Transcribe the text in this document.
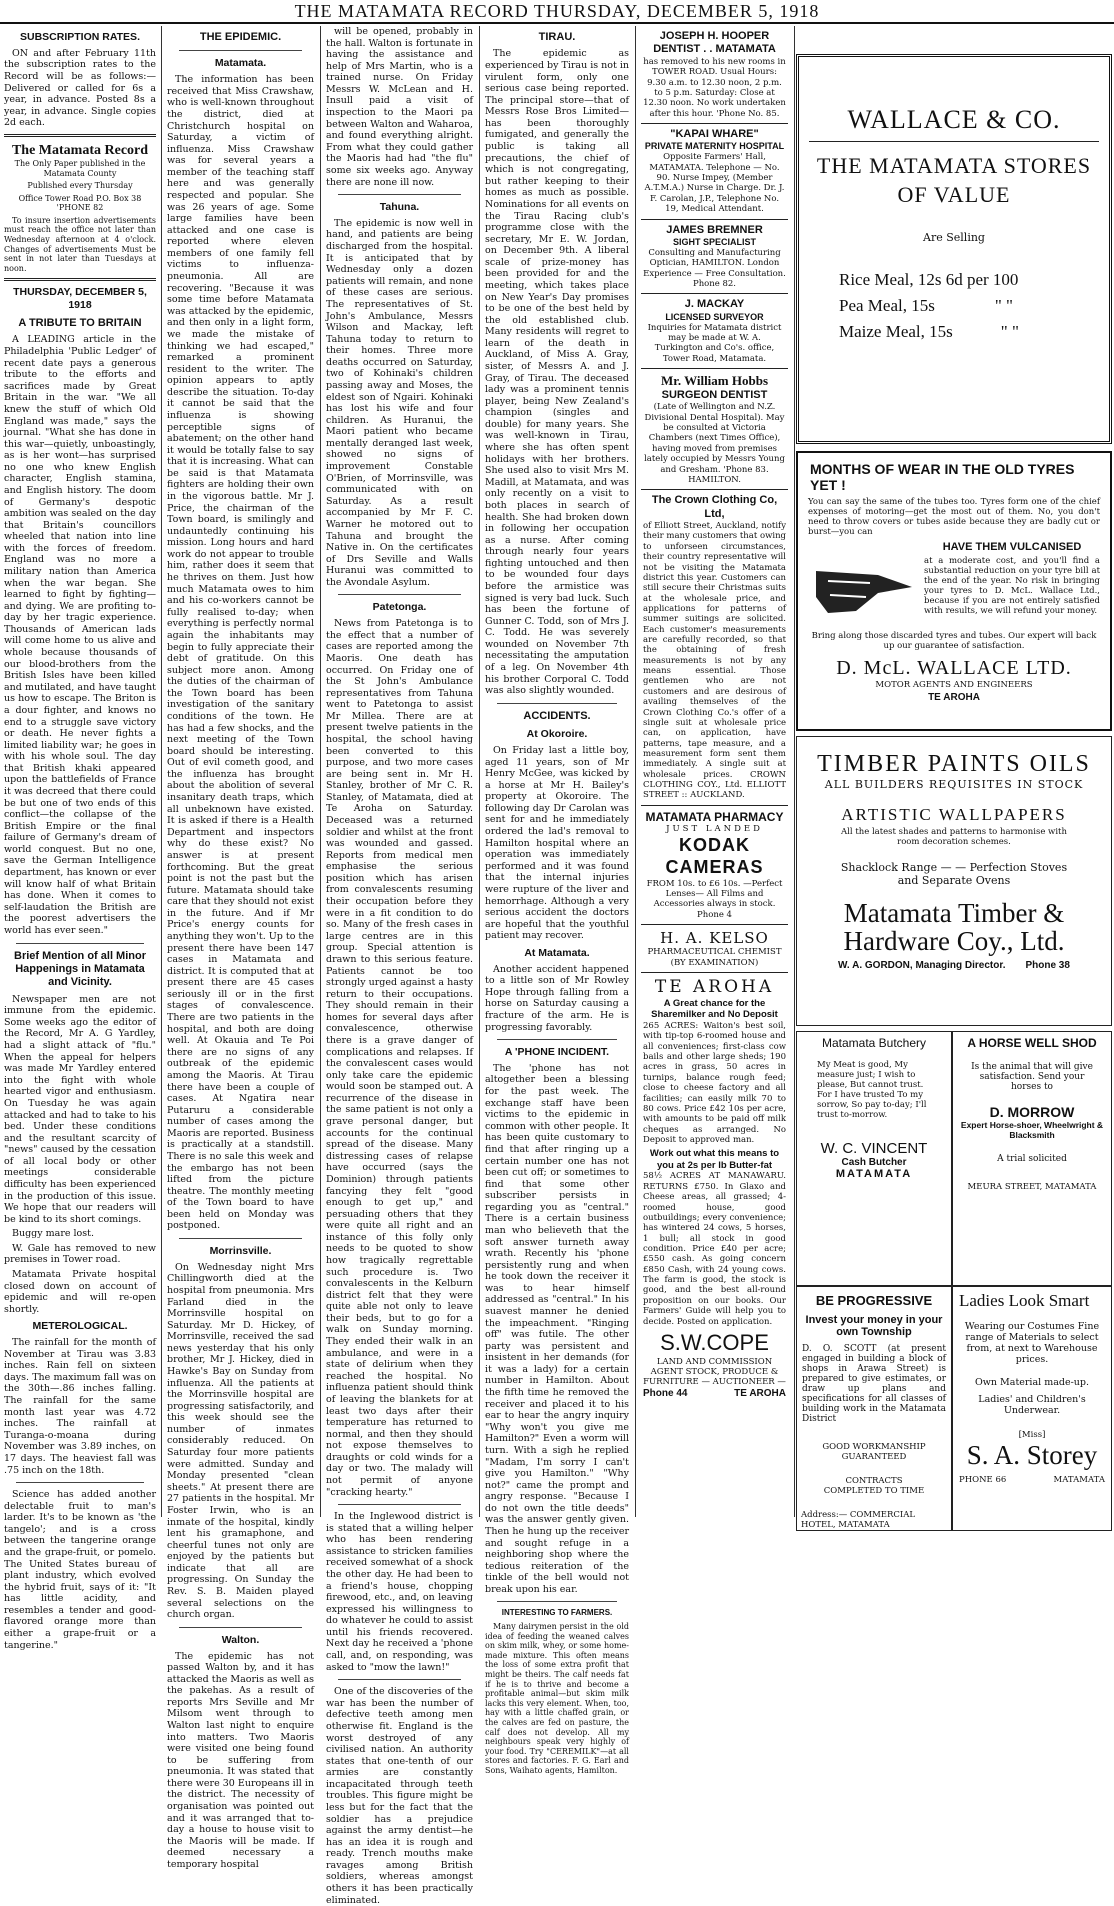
THE MATAMATA RECORD THURSDAY, DECEMBER 5, 1918
SUBSCRIPTION RATES.

ON and after February 11th the subscription rates to the Record will be as follows:— Delivered or called for 6s a year, in advance. Posted 8s a year, in advance. Single copies 2d each.

The Matamata Record

The Only Paper published in the Matamata County

Published every Thursday

Office Tower Road P.O. Box 38 'PHONE 82

To insure insertion advertisements must reach the office not later than Wednesday afternoon at 4 o'clock. Changes of advertisements Must be sent in not later than Tuesdays at noon.

THURSDAY, DECEMBER 5, 1918
A TRIBUTE TO BRITAIN

A LEADING article in the Philadelphia 'Public Ledger' of recent date pays a generous tribute to the efforts and sacrifices made by Great Britain in the war. "We all knew the stuff of which Old England was made," says the journal. "What she has done in this war—quietly, unboastingly, as is her wont—has surprised no one who knew English character, English stamina, and English history. The doom of Germany's despotic ambition was sealed on the day that Britain's councillors wheeled that nation into line with the forces of freedom. England was no more a military nation than America when the war began. She learned to fight by fighting—and dying. We are profiting to-day by her tragic experience. Thousands of American lads will come home to us alive and whole because thousands of our blood-brothers from the British Isles have been killed and mutilated, and have taught us how to escape. The Briton is a dour fighter, and knows no end to a struggle save victory or death. He never fights a limited liability war; he goes in with his whole soul. The day that British khaki appeared upon the battlefields of France it was decreed that there could be but one of two ends of this conflict—the collapse of the British Empire or the final failure of Germany's dream of world conquest. But no one, save the German Intelligence department, has known or ever will know half of what Britain has done. When it comes to self-laudation the British are the poorest advertisers the world has ever seen."

Brief Mention of all Minor Happenings in Matamata and Vicinity.

Newspaper men are not immune from the epidemic. Some weeks ago the editor of the Record, Mr A. G Yardley, had a slight attack of "flu." When the appeal for helpers was made Mr Yardley entered into the fight with whole hearted vigor and enthusiasm. On Tuesday he was again attacked and had to take to his bed. Under these conditions and the resultant scarcity of "news" caused by the cessation of all local body or other meetings considerable difficulty has been experienced in the production of this issue. We hope that our readers will be kind to its short comings.

Buggy mare lost.

W. Gale has removed to new premises in Tower road.

Matamata Private hospital closed down on account of epidemic and will re-open shortly.

METEROLOGICAL.

The rainfall for the month of November at Tirau was 3.83 inches. Rain fell on sixteen days. The maximum fall was on the 30th—.86 inches falling. The rainfall for the same month last year was 4.72 inches. The rainfall at Turanga-o-moana during November was 3.89 inches, on 17 days. The heaviest fall was .75 inch on the 18th.

Science has added another delectable fruit to man's larder. It's to be known as 'the tangelo'; and is a cross between the tangerine orange and the grape-fruit, or pomelo. The United States bureau of plant industry, which evolved the hybrid fruit, says of it: "It has little acidity, and resembles a tender and good-flavored orange more than either a grape-fruit or a tangerine."

THE EPIDEMIC.
Matamata.

The information has been received that Miss Crawshaw, who is well-known throughout the district, died at Christchurch hospital on Saturday, a victim of influenza. Miss Crawshaw was for several years a member of the teaching staff here and was generally respected and popular. She was 26 years of age. Some large families have been attacked and one case is reported where eleven members of one family fell victims to influenza-pneumonia. All are recovering. "Because it was some time before Matamata was attacked by the epidemic, and then only in a light form, we made the mistake of thinking we had escaped," remarked a prominent resident to the writer. The opinion appears to aptly describe the situation. To-day it cannot be said that the influenza is showing perceptible signs of abatement; on the other hand it would be totally false to say that it is increasing. What can be said is that Matamata fighters are holding their own in the vigorous battle. Mr J. Price, the chairman of the Town board, is smilingly and undauntedly continuing his mission. Long hours and hard work do not appear to trouble him, rather does it seem that he thrives on them. Just how much Matamata owes to him and his co-workers cannot be fully realised to-day; when everything is perfectly normal again the inhabitants may begin to fully appreciate their debt of gratitude. On this subject more anon. Among the duties of the chairman of the Town board has been investigation of the sanitary conditions of the town. He has had a few shocks, and the next meeting of the Town board should be interesting. Out of evil cometh good, and the influenza has brought about the abolition of several insanitary death traps, which all unbeknown have existed. It is asked if there is a Health Department and inspectors why do these exist? No answer is at present forthcoming. But the great point is not the past but the future. Matamata should take care that they should not exist in the future. And if Mr Price's energy counts for anything they won't. Up to the present there have been 147 cases in Matamata and district. It is computed that at present there are 45 cases seriously ill or in the first stages of convalescence. There are two patients in the hospital, and both are doing well. At Okauia and Te Poi there are no signs of any outbreak of the epidemic among the Maoris. At Tirau there have been a couple of cases. At Ngatira near Putaruru a considerable number of cases among the Maoris are reported. Business is practically at a standstill. There is no sale this week and the embargo has not been lifted from the picture theatre. The monthly meeting of the Town board to have been held on Monday was postponed.

Morrinsville.

On Wednesday night Mrs Chillingworth died at the hospital from pneumonia. Mrs Farland died in the Morrinsville hospital on Saturday. Mr D. Hickey, of Morrinsville, received the sad news yesterday that his only brother, Mr J. Hickey, died in Hawke's Bay on Sunday from influenza. All the patients at the Morrinsville hospital are progressing satisfactorily, and this week should see the number of inmates considerably reduced. On Saturday four more patients were admitted. Sunday and Monday presented "clean sheets." At present there are 27 patients in the hospital. Mr Foster Irwin, who is an inmate of the hospital, kindly lent his gramaphone, and cheerful tunes not only are enjoyed by the patients but indicate that all are progressing. On Sunday the Rev. S. B. Maiden played several selections on the church organ.

Walton.

The epidemic has not passed Walton by, and it has attacked the Maoris as well as the pakehas. As a result of reports Mrs Seville and Mr Milsom went through to Walton last night to enquire into matters. Two Maoris were visited one being found to be suffering from pneumonia. It was stated that there were 30 Europeans ill in the district. The necessity of organisation was pointed out and it was arranged that to-day a house to house visit to the Maoris will be made. If deemed necessary a temporary hospital

will be opened, probably in the hall. Walton is fortunate in having the assistance and help of Mrs Martin, who is a trained nurse. On Friday Messrs W. McLean and H. Insull paid a visit of inspection to the Maori pa between Walton and Waharoa, and found everything alright. From what they could gather the Maoris had had "the flu" some six weeks ago. Anyway there are none ill now.

Tahuna.

The epidemic is now well in hand, and patients are being discharged from the hospital. It is anticipated that by Wednesday only a dozen patients will remain, and none of these cases are serious. The representatives of St. John's Ambulance, Messrs Wilson and Mackay, left Tahuna today to return to their homes. Three more deaths occurred on Saturday, two of Kohinaki's children passing away and Moses, the eldest son of Ngairi. Kohinaki has lost his wife and four children. As Huranui, the Maori patient who became mentally deranged last week, showed no signs of improvement Constable O'Brien, of Morrinsville, was communicated with on Saturday. As a result accompanied by Mr F. C. Warner he motored out to Tahuna and brought the Native in. On the certificates of Drs Seville and Walls Huranui was committed to the Avondale Asylum.

Patetonga.

News from Patetonga is to the effect that a number of cases are reported among the Maoris. One death has occurred. On Friday one of the St John's Ambulance representatives from Tahuna went to Patetonga to assist Mr Millea. There are at present twelve patients in the hospital, the school having been converted to this purpose, and two more cases are being sent in. Mr H. Stanley, brother of Mr C. R. Stanley, of Matamata, died at Te Aroha on Saturday. Deceased was a returned soldier and whilst at the front was wounded and gassed. Reports from medical men emphasise the serious position which has arisen from convalescents resuming their occupation before they were in a fit condition to do so. Many of the fresh cases in large centres are in this group. Special attention is drawn to this serious feature. Patients cannot be too strongly urged against a hasty return to their occupations. They should remain in their homes for several days after convalescence, otherwise there is a grave danger of complications and relapses. If the convalescent cases would only take care the epidemic would soon be stamped out. A recurrence of the disease in the same patient is not only a grave personal danger, but accounts for the continual spread of the disease. Many distressing cases of relapse have occurred (says the Dominion) through patients fancying they felt "good enough to get up," and persuading others that they were quite all right and an instance of this folly only needs to be quoted to show how tragically regrettable such procedure is. Two convalescents in the Kelburn district felt that they were quite able not only to leave their beds, but to go for a walk on Sunday morning. They ended their walk in an ambulance, and were in a state of delirium when they reached the hospital. No influenza patient should think of leaving the blankets for at least two days after their temperature has returned to normal, and then they should not expose themselves to draughts or cold winds for a day or two. The malady will not permit of anyone "cracking hearty."

In the Inglewood district is is stated that a willing helper who has been rendering assistance to stricken families received somewhat of a shock the other day. He had been to a friend's house, chopping firewood, etc., and, on leaving expressed his willingness to do whatever he could to assist until his friends recovered. Next day he received a 'phone call, and, on responding, was asked to "mow the lawn!"

One of the discoveries of the war has been the number of defective teeth among men otherwise fit. England is the worst destroyed of any civilised nation. An authority states that one-tenth of our armies are constantly incapacitated through teeth troubles. This figure might be less but for the fact that the soldier has a prejudice against the army dentist—he has an idea it is rough and ready. Trench mouths make ravages among British soldiers, whereas amongst others it has been practically eliminated.

TIRAU.

The epidemic as experienced by Tirau is not in virulent form, only one serious case being reported. The principal store—that of Messrs Rose Bros Limited—has been thoroughly fumigated, and generally the public is taking all precautions, the chief of which is not congregating, but rather keeping to their homes as much as possible. Nominations for all events on the Tirau Racing club's programme close with the secretary, Mr E. W. Jordan, on December 9th. A liberal scale of prize-money has been provided for and the meeting, which takes place on New Year's Day promises to be one of the best held by the old established club. Many residents will regret to learn of the death in Auckland, of Miss A. Gray, sister, of Messrs A. and J. Gray, of Tirau. The deceased lady was a prominent tennis player, being New Zealand's champion (singles and double) for many years. She was well-known in Tirau, where she has often spent holidays with her brothers. She used also to visit Mrs M. Madill, at Matamata, and was only recently on a visit to both places in search of health. She had broken down in following her occupation as a nurse. After coming through nearly four years fighting untouched and then to be wounded four days before the armistice was signed is very bad luck. Such has been the fortune of Gunner C. Todd, son of Mrs J. C. Todd. He was severely wounded on November 7th necessitating the amputation of a leg. On November 4th his brother Corporal C. Todd was also slightly wounded.

ACCIDENTS.
At Okoroire.

On Friday last a little boy, aged 11 years, son of Mr Henry McGee, was kicked by a horse at Mr H. Bailey's property at Okoroire. The following day Dr Carolan was sent for and he immediately ordered the lad's removal to Hamilton hospital where an operation was immediately performed and it was found that the internal injuries were rupture of the liver and hemorrhage. Although a very serious accident the doctors are hopeful that the youthful patient may recover.

At Matamata.

Another accident happened to a little son of Mr Rowley Hope through falling from a horse on Saturday causing a fracture of the arm. He is progressing favorably.

A 'PHONE INCIDENT.

The 'phone has not altogether been a blessing for the past week. The exchange staff have been victims to the epidemic in common with other people. It has been quite customary to find that after ringing up a certain number one has not been cut off; or sometimes to find that some other subscriber persists in regarding you as "central." There is a certain business man who believeth that the soft answer turneth away wrath. Recently his 'phone persistently rung and when he took down the receiver it was to hear himself addressed as "central." In his suavest manner he denied the impeachment. "Ringing off" was futile. The other party was persistent and insistent in her demands (for it was a lady) for a certain number in Hamilton. About the fifth time he removed the receiver and placed it to his ear to hear the angry inquiry "Why won't you give me Hamilton?" Even a worm will turn. With a sigh he replied "Madam, I'm sorry I can't give you Hamilton." "Why not?" came the prompt and angry response. "Because I do not own the title deeds" was the answer gently given. Then he hung up the receiver and sought refuge in a neighboring shop where the tedious reiteration of the tinkle of the bell would not break upon his ear.

INTERESTING TO FARMERS.

Many dairymen persist in the old idea of feeding the weaned calves on skim milk, whey, or some home-made mixture. This often means the loss of some extra profit that might be theirs. The calf needs fat if he is to thrive and become a profitable animal—but skim milk lacks this very element. When, too, hay with a little chaffed grain, or the calves are fed on pasture, the calf does not develop. All my neighbours speak very highly of your food. Try "CEREMILK"—at all stores and factories. F. G. Earl and Sons, Waihato agents, Hamilton.

JOSEPH H. HOOPER
DENTIST . . MATAMATA
has removed to his new rooms in TOWER ROAD. Usual Hours: 9.30 a.m. to 12.30 noon, 2 p.m. to 5 p.m. Saturday: Close at 12.30 noon. No work undertaken after this hour. 'Phone No. 85.
"KAPAI WHARE"
PRIVATE MATERNITY HOSPITAL
Opposite Farmers' Hall, MATAMATA. Telephone — No. 90. Nurse Impey, (Member A.T.M.A.) Nurse in Charge. Dr. J. F. Carolan, J.P., Telephone No. 19, Medical Attendant.
JAMES BREMNER
SIGHT SPECIALIST
Consulting and Manufacturing Optician, HAMILTON. London Experience — Free Consultation. Phone 82.
J. MACKAY
LICENSED SURVEYOR
Inquiries for Matamata district may be made at W. A. Turkington and Co's. office, Tower Road, Matamata.
Mr. William Hobbs
SURGEON DENTIST
(Late of Wellington and N.Z. Divisional Dental Hospital). May be consulted at Victoria Chambers (next Times Office), having moved from premises lately occupied by Messrs Young and Gresham. 'Phone 83. HAMILTON.
The Crown Clothing Co, Ltd,
of Elliott Street, Auckland, notify their many customers that owing to unforseen circumstances, their country representative will not be visiting the Matamata district this year. Customers can still secure their Christmas suits at the wholesale price, and applications for patterns of summer suitings are solicited. Each customer's measurements are carefully recorded, so that the obtaining of fresh measurements is not by any means essential. Those gentlemen who are not customers and are desirous of availing themselves of the Crown Clothing Co.'s offer of a single suit at wholesale price can, on application, have patterns, tape measure, and a measurement form sent them immediately. A single suit at wholesale prices. CROWN CLOTHING COY., Ltd. ELLIOTT STREET :: AUCKLAND.
MATAMATA PHARMACY
JUST LANDED
KODAK CAMERAS
FROM 10s. to £6 10s. —Perfect Lenses— All Films and Accessories always in stock. Phone 4
H. A. KELSO
PHARMACEUTICAL CHEMIST (BY EXAMINATION)
TE AROHA
A Great chance for the Sharemilker and No Deposit
265 ACRES: Waiton's best soil, with tip-top 6-roomed house and all conveniences; first-class cow bails and other large sheds; 190 acres in grass, 50 acres in turnips, balance rough feed; close to cheese factory and all facilities; can easily milk 70 to 80 cows. Price £42 10s per acre, with amounts to be paid off milk cheques as arranged. No Deposit to approved man.
Work out what this means to you at 2s per lb Butter-fat
58½ ACRES AT MANAWARU. RETURNS £750. In Glaxo and Cheese areas, all grassed; 4-roomed house, good outbuildings; every convenience; has wintered 24 cows, 5 horses, 1 bull; all stock in good condition. Price £40 per acre; £550 cash. As going concern £850 Cash, with 24 young cows. The farm is good, the stock is good, and the best all-round proposition on our books. Our Farmers' Guide will help you to decide. Posted on application.
S.W.COPE
LAND AND COMMISSION AGENT STOCK, PRODUCE & FURNITURE — AUCTIONEER —
Phone 44	TE AROHA
WALLACE & CO.
THE MATAMATA STORES OF VALUE
Are Selling
Rice Meal, 12s 6d per 100
Pea Meal, 15s	" "
Maize Meal, 15s	" "
MONTHS OF WEAR IN THE OLD TYRES YET !
You can say the same of the tubes too. Tyres form one of the chief expenses of motoring—get the most out of them. No, you don't need to throw covers or tubes aside because they are badly cut or burst—you can
HAVE THEM VULCANISED
at a moderate cost, and you'll find a substantial reduction on your tyre bill at the end of the year. No risk in bringing your tyres to D. McL. Wallace Ltd., because if you are not entirely satisfied with results, we will refund your money.
Bring along those discarded tyres and tubes. Our expert will back up our guarantee of satisfaction.
D. McL. WALLACE LTD.
MOTOR AGENTS AND ENGINEERS
TE AROHA
TIMBER PAINTS OILS
ALL BUILDERS REQUISITES IN STOCK
ARTISTIC WALLPAPERS
All the latest shades and patterns to harmonise with room decoration schemes.
Shacklock Range — — Perfection Stoves and Separate Ovens
Matamata Timber & Hardware Coy., Ltd.
W. A. GORDON, Managing Director. Phone 38
Matamata Butchery
My Meat is good, My measure just; I wish to please, But cannot trust. For I have trusted To my sorrow, So pay to-day; I'll trust to-morrow.
W. C. VINCENT
Cash Butcher
MATAMATA
A HORSE WELL SHOD
Is the animal that will give satisfaction. Send your horses to
D. MORROW
Expert Horse-shoer, Wheelwright & Blacksmith
A trial solicited
MEURA STREET, MATAMATA
BE PROGRESSIVE
Invest your money in your own Township
D. O. SCOTT (at present engaged in building a block of shops in Arawa Street) is prepared to give estimates, or draw up plans and specifications for all classes of building work in the Matamata District
GOOD WORKMANSHIP GUARANTEED
CONTRACTS COMPLETED TO TIME
Address:— COMMERCIAL HOTEL, MATAMATA
Ladies Look Smart
Wearing our Costumes Fine range of Materials to select from, at next to Warehouse prices.
Own Material made-up.
Ladies' and Children's Underwear.
[Miss]
S. A. Storey
PHONE 66	MATAMATA
